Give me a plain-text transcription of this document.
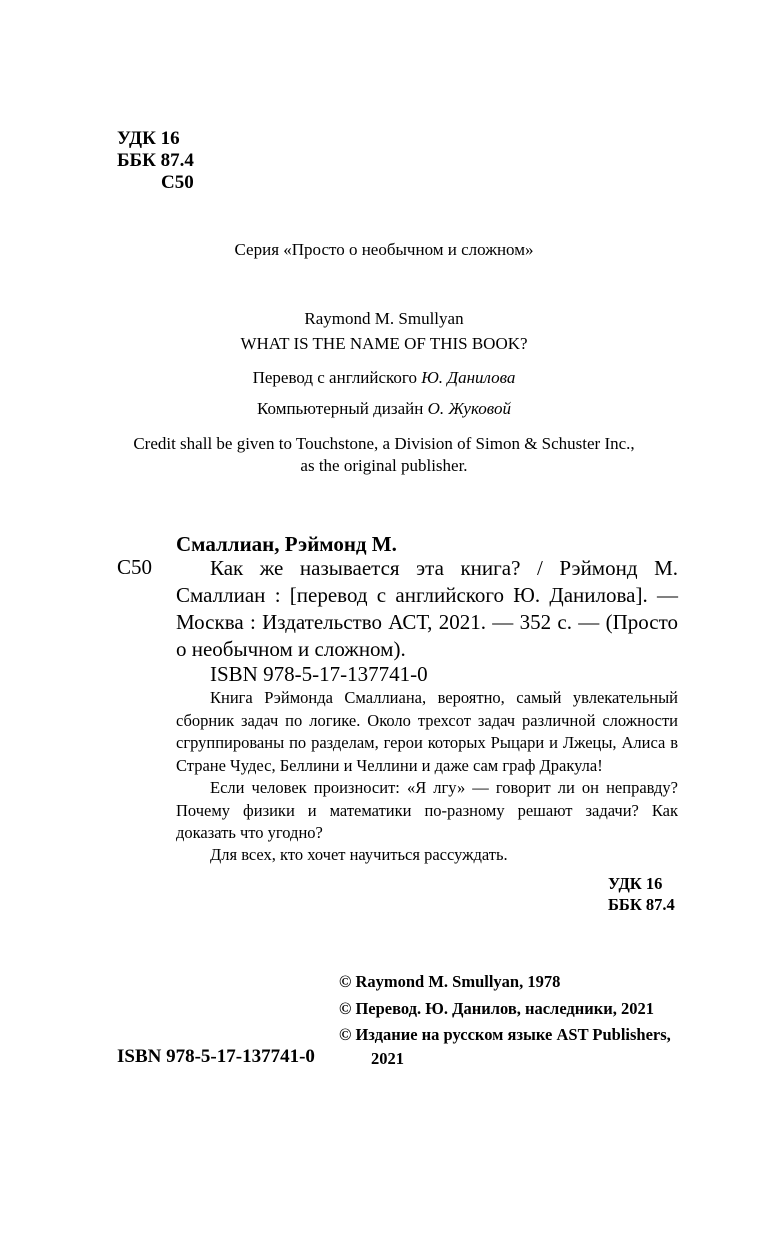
УДК 16
ББК 87.4
С50
Серия «Просто о необычном и сложном»
Raymond M. Smullyan
WHAT IS THE NAME OF THIS BOOK?
Перевод с английского Ю. Данилова
Компьютерный дизайн О. Жуковой
Credit shall be given to Touchstone, a Division of Simon & Schuster Inc.,
as the original publisher.
Смаллиан, Рэймонд М.
С50	Как же называется эта книга? / Рэймонд М. Смаллиан : [перевод с английского Ю. Данилова]. — Москва : Издательство АСТ, 2021. — 352 с. — (Просто о необычном и сложном).
ISBN 978-5-17-137741-0
Книга Рэймонда Смаллиана, вероятно, самый увлекательный сборник задач по логике. Около трехсот задач различной сложности сгруппированы по разделам, герои которых Рыцари и Лжецы, Алиса в Стране Чудес, Беллини и Челлини и даже сам граф Дракула!
Если человек произносит: «Я лгу» — говорит ли он неправду? Почему физики и математики по-разному решают задачи? Как доказать что угодно?
Для всех, кто хочет научиться рассуждать.
УДК 16
ББК 87.4
© Raymond M. Smullyan, 1978
© Перевод. Ю. Данилов, наследники, 2021
© Издание на русском языке AST Publishers,
2021
ISBN 978-5-17-137741-0
